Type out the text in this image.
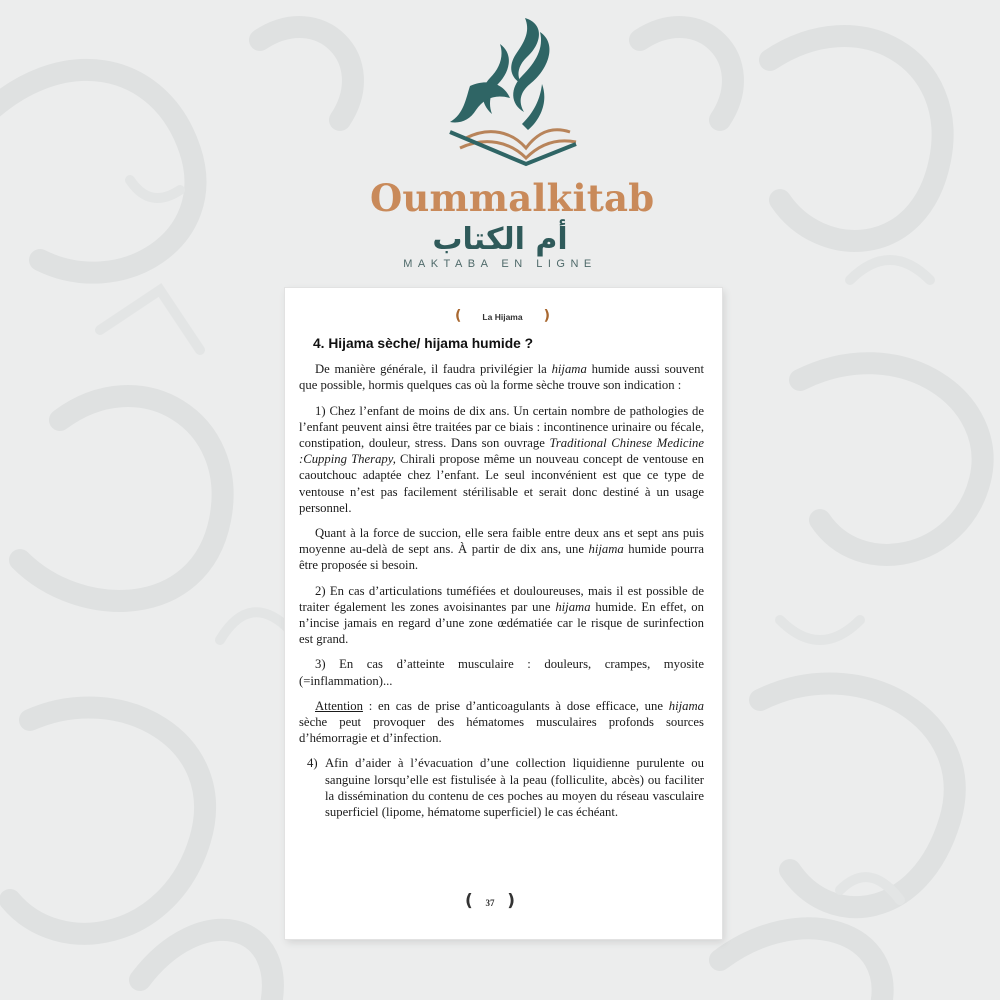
Oummalkitab
أم الكتاب
MAKTABA EN LIGNE
( La Hijama )
4. Hijama sèche/ hijama humide ?

De manière générale, il faudra privilégier la hijama humide aussi souvent que possible, hormis quelques cas où la forme sèche trouve son indication :

1) Chez l’enfant de moins de dix ans. Un certain nombre de pathologies de l’enfant peuvent ainsi être traitées par ce biais : incontinence urinaire ou fécale, constipation, douleur, stress. Dans son ouvrage Traditional Chinese Medicine :Cupping Therapy, Chirali propose même un nouveau concept de ventouse en caoutchouc adaptée chez l’enfant. Le seul inconvénient est que ce type de ventouse n’est pas facilement stérilisable et serait donc destiné à un usage personnel.

Quant à la force de succion, elle sera faible entre deux ans et sept ans puis moyenne au-delà de sept ans. À partir de dix ans, une hijama humide pourra être proposée si besoin.

2) En cas d’articulations tuméfiées et douloureuses, mais il est possible de traiter également les zones avoisinantes par une hijama humide. En effet, on n’incise jamais en regard d’une zone œdématiée car le risque de surinfection est grand.

3) En cas d’atteinte musculaire : douleurs, crampes, myosite (=inflammation)...

Attention : en cas de prise d’anticoagulants à dose efficace, une hijama sèche peut provoquer des hématomes musculaires profonds sources d’hémorragie et d’infection.

4) Afin d’aider à l’évacuation d’une collection liquidienne purulente ou sanguine lorsqu’elle est fistulisée à la peau (folliculite, abcès) ou faciliter la dissémination du contenu de ces poches au moyen du réseau vasculaire superficiel (lipome, hématome superficiel) le cas échéant.

( 37 )
